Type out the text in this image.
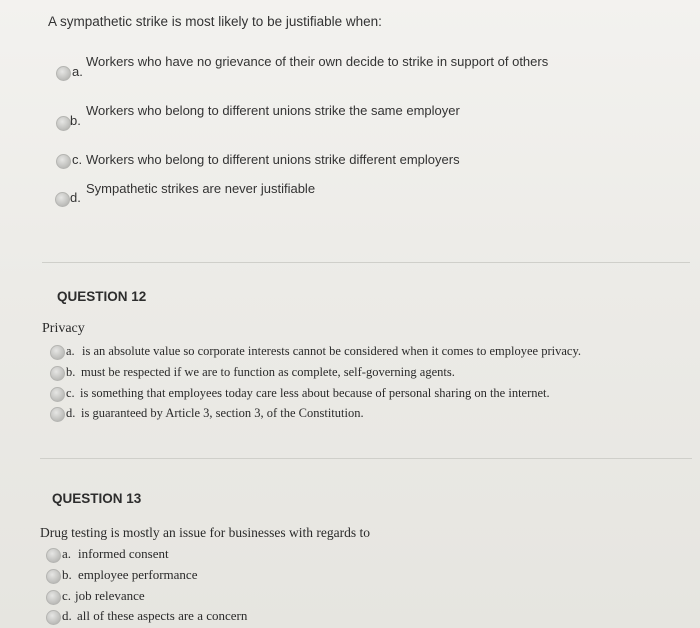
A sympathetic strike is most likely to be justifiable when:
a.
Workers who have no grievance of their own decide to strike in support of others
b.
Workers who belong to different unions strike the same employer
c. Workers who belong to different unions strike different employers
d.
Sympathetic strikes are never justifiable
QUESTION 12
Privacy
a. is an absolute value so corporate interests cannot be considered when it comes to employee privacy.
b. must be respected if we are to function as complete, self-governing agents.
c. is something that employees today care less about because of personal sharing on the internet.
d. is guaranteed by Article 3, section 3, of the Constitution.
QUESTION 13
Drug testing is mostly an issue for businesses with regards to
a. informed consent
b. employee performance
c. job relevance
d. all of these aspects are a concern
